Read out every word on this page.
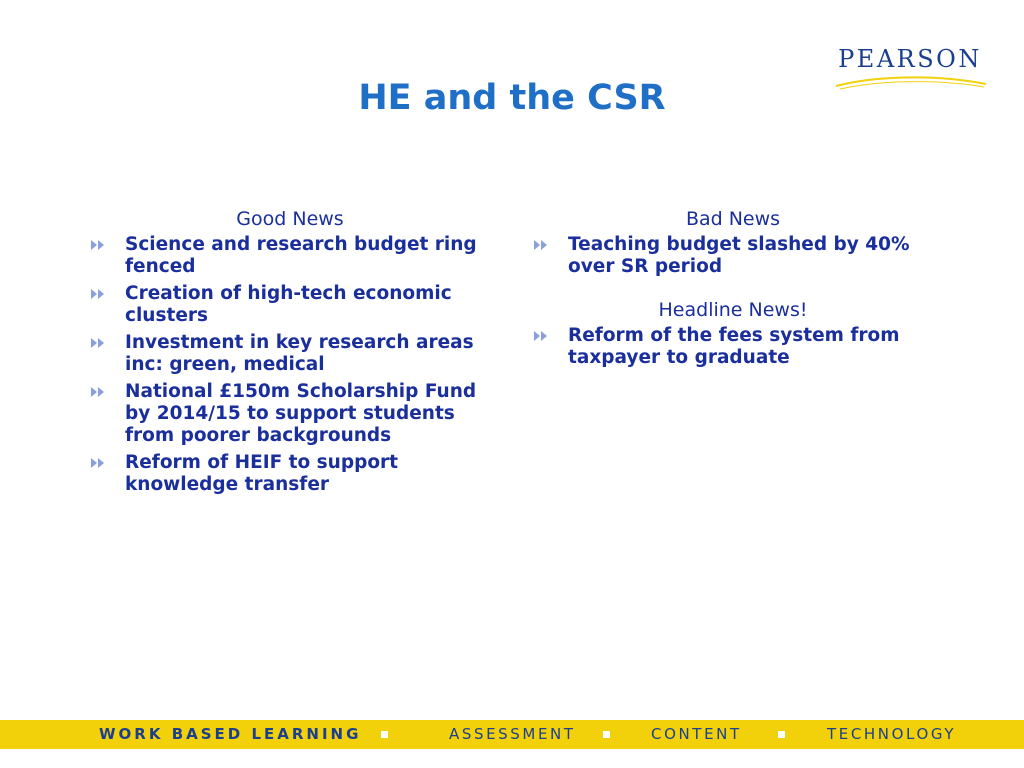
PEARSON
HE and the CSR
Good News
Science and research budget ring fenced
Creation of high-tech economic clusters
Investment in key research areas inc: green, medical
National £150m Scholarship Fund by 2014/15 to support students from poorer backgrounds
Reform of HEIF to support knowledge transfer
Bad News
Teaching budget slashed by 40% over SR period
Headline News!
Reform of the fees system from taxpayer to graduate
WORK BASED LEARNING	ASSESSMENT	CONTENT	TECHNOLOGY
